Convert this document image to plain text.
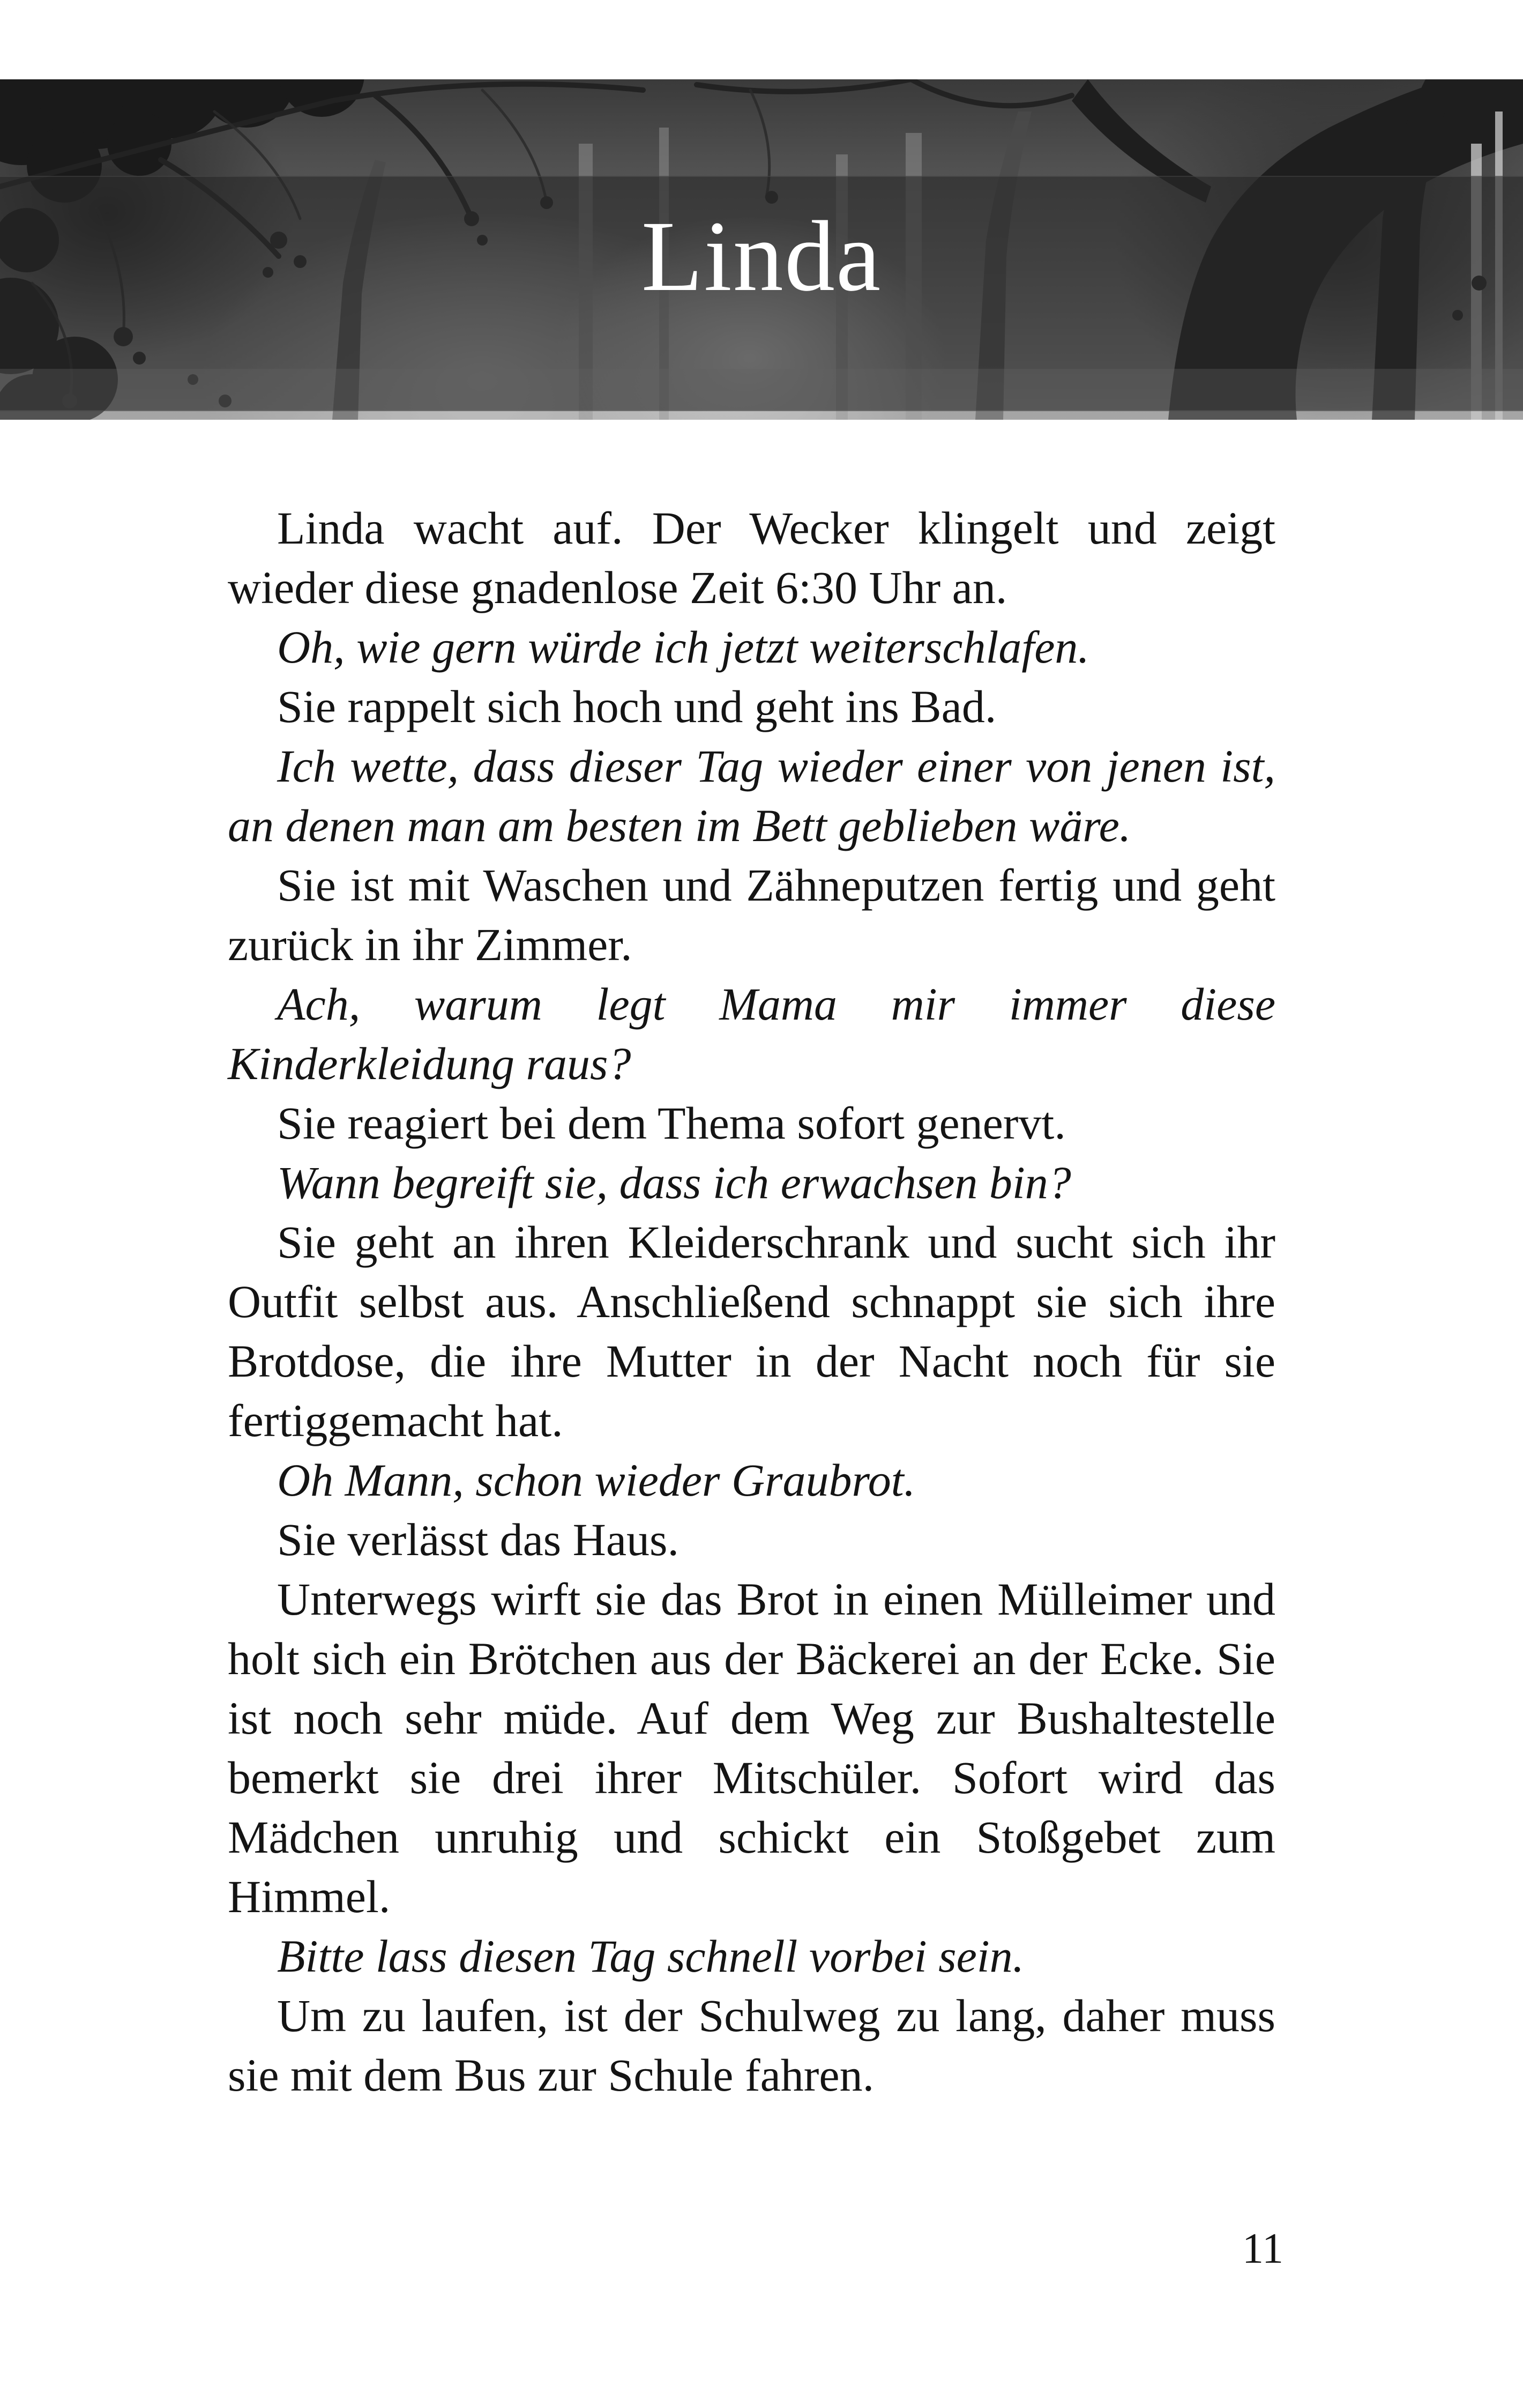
Linda

Linda wacht auf. Der Wecker klingelt und zeigt wieder diese gnadenlose Zeit 6:30 Uhr an.

Oh, wie gern würde ich jetzt weiterschlafen.

Sie rappelt sich hoch und geht ins Bad.

Ich wette, dass dieser Tag wieder einer von jenen ist, an denen man am besten im Bett geblieben wäre.

Sie ist mit Waschen und Zähneputzen fertig und geht zurück in ihr Zimmer.

Ach, warum legt Mama mir immer diese Kinderkleidung raus?

Sie reagiert bei dem Thema sofort genervt.

Wann begreift sie, dass ich erwachsen bin?

Sie geht an ihren Kleiderschrank und sucht sich ihr Outfit selbst aus. Anschließend schnappt sie sich ihre Brotdose, die ihre Mutter in der Nacht noch für sie fertiggemacht hat.

Oh Mann, schon wieder Graubrot.

Sie verlässt das Haus.

Unterwegs wirft sie das Brot in einen Mülleimer und holt sich ein Brötchen aus der Bäckerei an der Ecke. Sie ist noch sehr müde. Auf dem Weg zur Bushaltestelle bemerkt sie drei ihrer Mitschüler. Sofort wird das Mädchen unruhig und schickt ein Stoßgebet zum Himmel.

Bitte lass diesen Tag schnell vorbei sein.

Um zu laufen, ist der Schulweg zu lang, daher muss sie mit dem Bus zur Schule fahren.

11
